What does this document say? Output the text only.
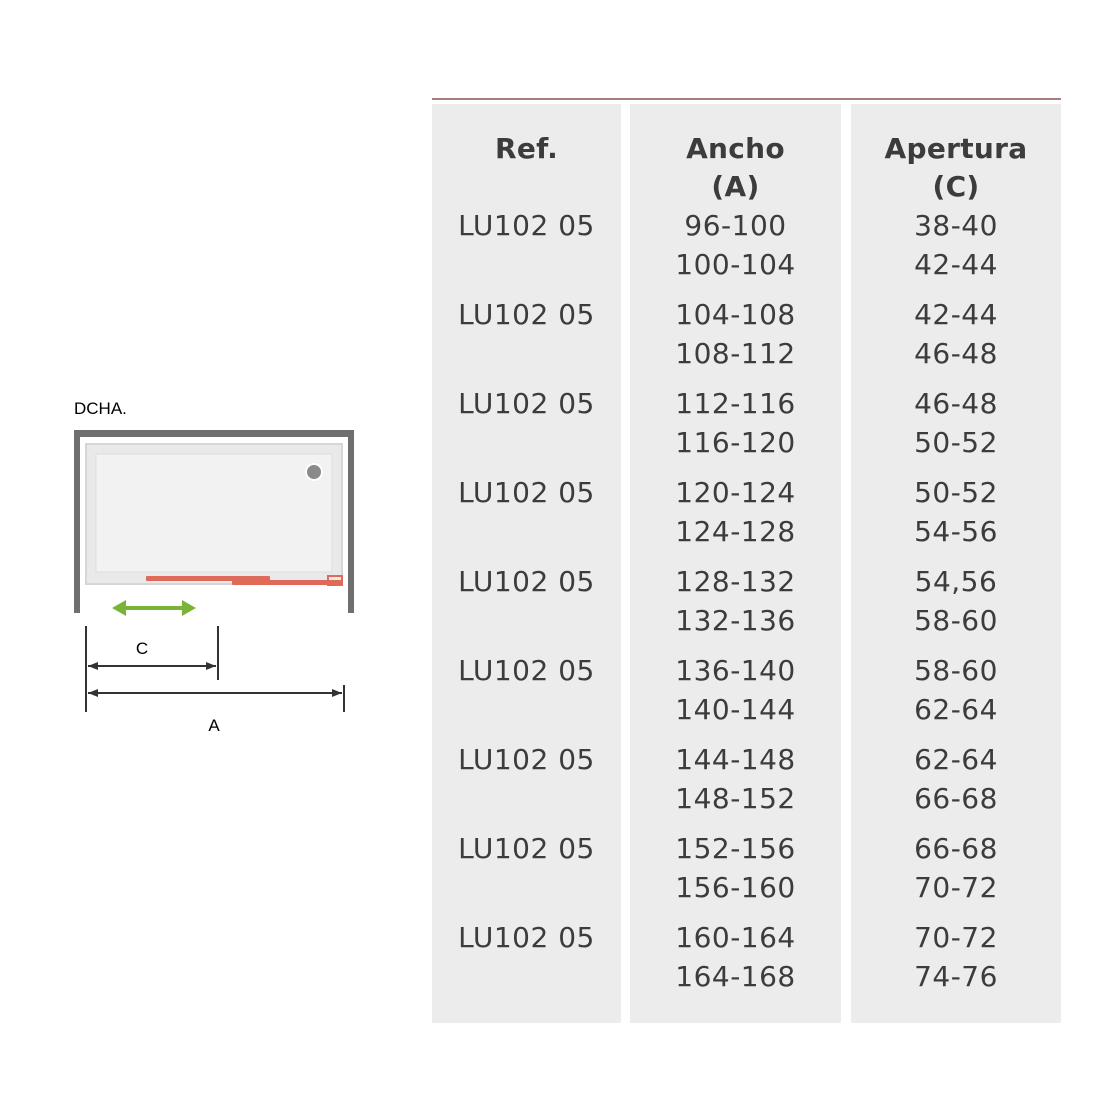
DCHA.
C
A
Ref.
LU102 05
LU102 05
LU102 05
LU102 05
LU102 05
LU102 05
LU102 05
LU102 05
LU102 05
Ancho
(A)
96-100
100-104
104-108
108-112
112-116
116-120
120-124
124-128
128-132
132-136
136-140
140-144
144-148
148-152
152-156
156-160
160-164
164-168
Apertura
(C)
38-40
42-44
42-44
46-48
46-48
50-52
50-52
54-56
54,56
58-60
58-60
62-64
62-64
66-68
66-68
70-72
70-72
74-76
